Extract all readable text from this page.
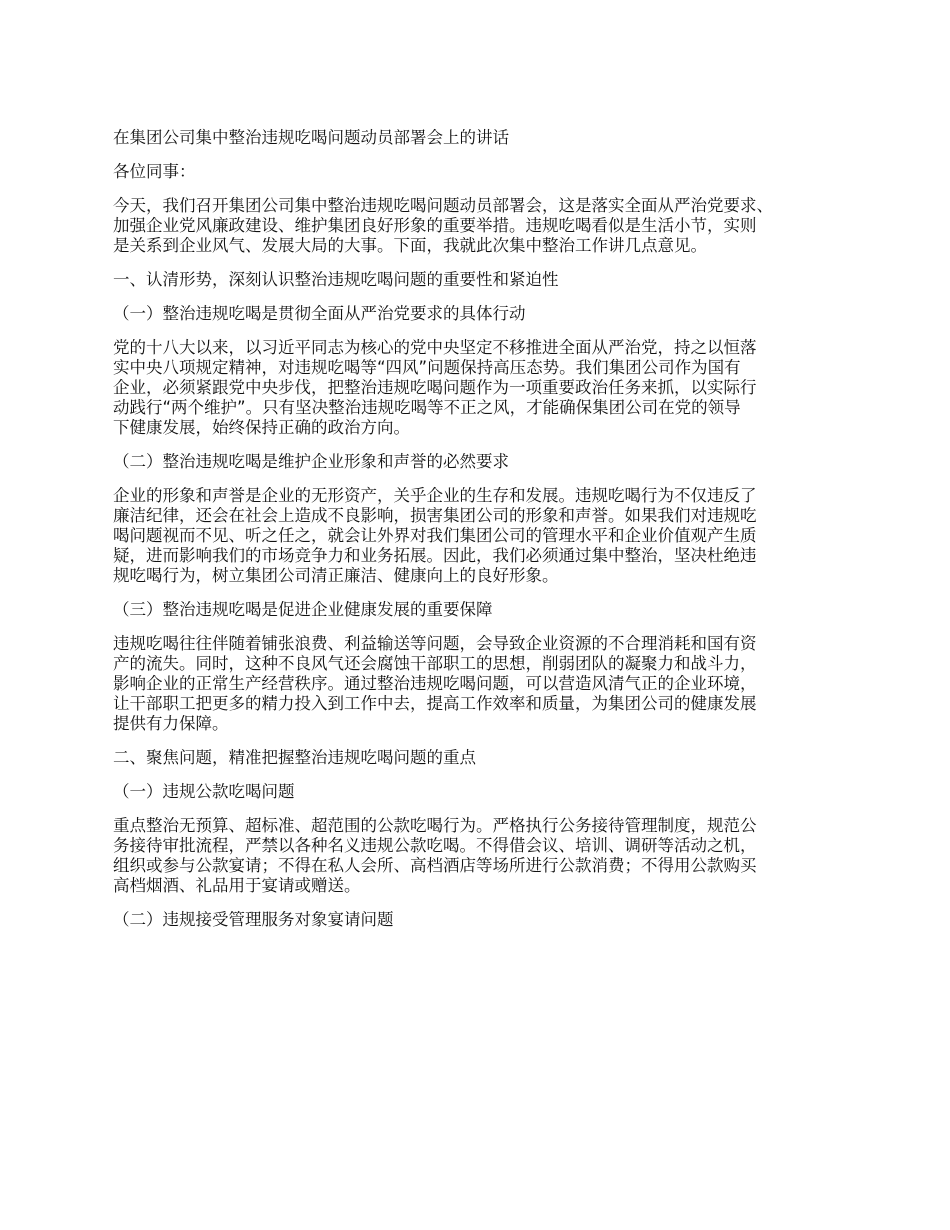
在集团公司集中整治违规吃喝问题动员部署会上的讲话

各位同事：

今天，我们召开集团公司集中整治违规吃喝问题动员部署会，这是落实全面从严治党要求、
加强企业党风廉政建设、维护集团良好形象的重要举措。违规吃喝看似是生活小节，实则
是关系到企业风气、发展大局的大事。下面，我就此次集中整治工作讲几点意见。

一、认清形势，深刻认识整治违规吃喝问题的重要性和紧迫性

（一）整治违规吃喝是贯彻全面从严治党要求的具体行动

党的十八大以来，以习近平同志为核心的党中央坚定不移推进全面从严治党，持之以恒落
实中央八项规定精神，对违规吃喝等“四风”问题保持高压态势。我们集团公司作为国有
企业，必须紧跟党中央步伐，把整治违规吃喝问题作为一项重要政治任务来抓，以实际行
动践行“两个维护”。只有坚决整治违规吃喝等不正之风，才能确保集团公司在党的领导
下健康发展，始终保持正确的政治方向。

（二）整治违规吃喝是维护企业形象和声誉的必然要求

企业的形象和声誉是企业的无形资产，关乎企业的生存和发展。违规吃喝行为不仅违反了
廉洁纪律，还会在社会上造成不良影响，损害集团公司的形象和声誉。如果我们对违规吃
喝问题视而不见、听之任之，就会让外界对我们集团公司的管理水平和企业价值观产生质
疑，进而影响我们的市场竞争力和业务拓展。因此，我们必须通过集中整治，坚决杜绝违
规吃喝行为，树立集团公司清正廉洁、健康向上的良好形象。

（三）整治违规吃喝是促进企业健康发展的重要保障

违规吃喝往往伴随着铺张浪费、利益输送等问题，会导致企业资源的不合理消耗和国有资
产的流失。同时，这种不良风气还会腐蚀干部职工的思想，削弱团队的凝聚力和战斗力，
影响企业的正常生产经营秩序。通过整治违规吃喝问题，可以营造风清气正的企业环境，
让干部职工把更多的精力投入到工作中去，提高工作效率和质量，为集团公司的健康发展
提供有力保障。

二、聚焦问题，精准把握整治违规吃喝问题的重点

（一）违规公款吃喝问题

重点整治无预算、超标准、超范围的公款吃喝行为。严格执行公务接待管理制度，规范公
务接待审批流程，严禁以各种名义违规公款吃喝。不得借会议、培训、调研等活动之机，
组织或参与公款宴请；不得在私人会所、高档酒店等场所进行公款消费；不得用公款购买
高档烟酒、礼品用于宴请或赠送。

（二）违规接受管理服务对象宴请问题
